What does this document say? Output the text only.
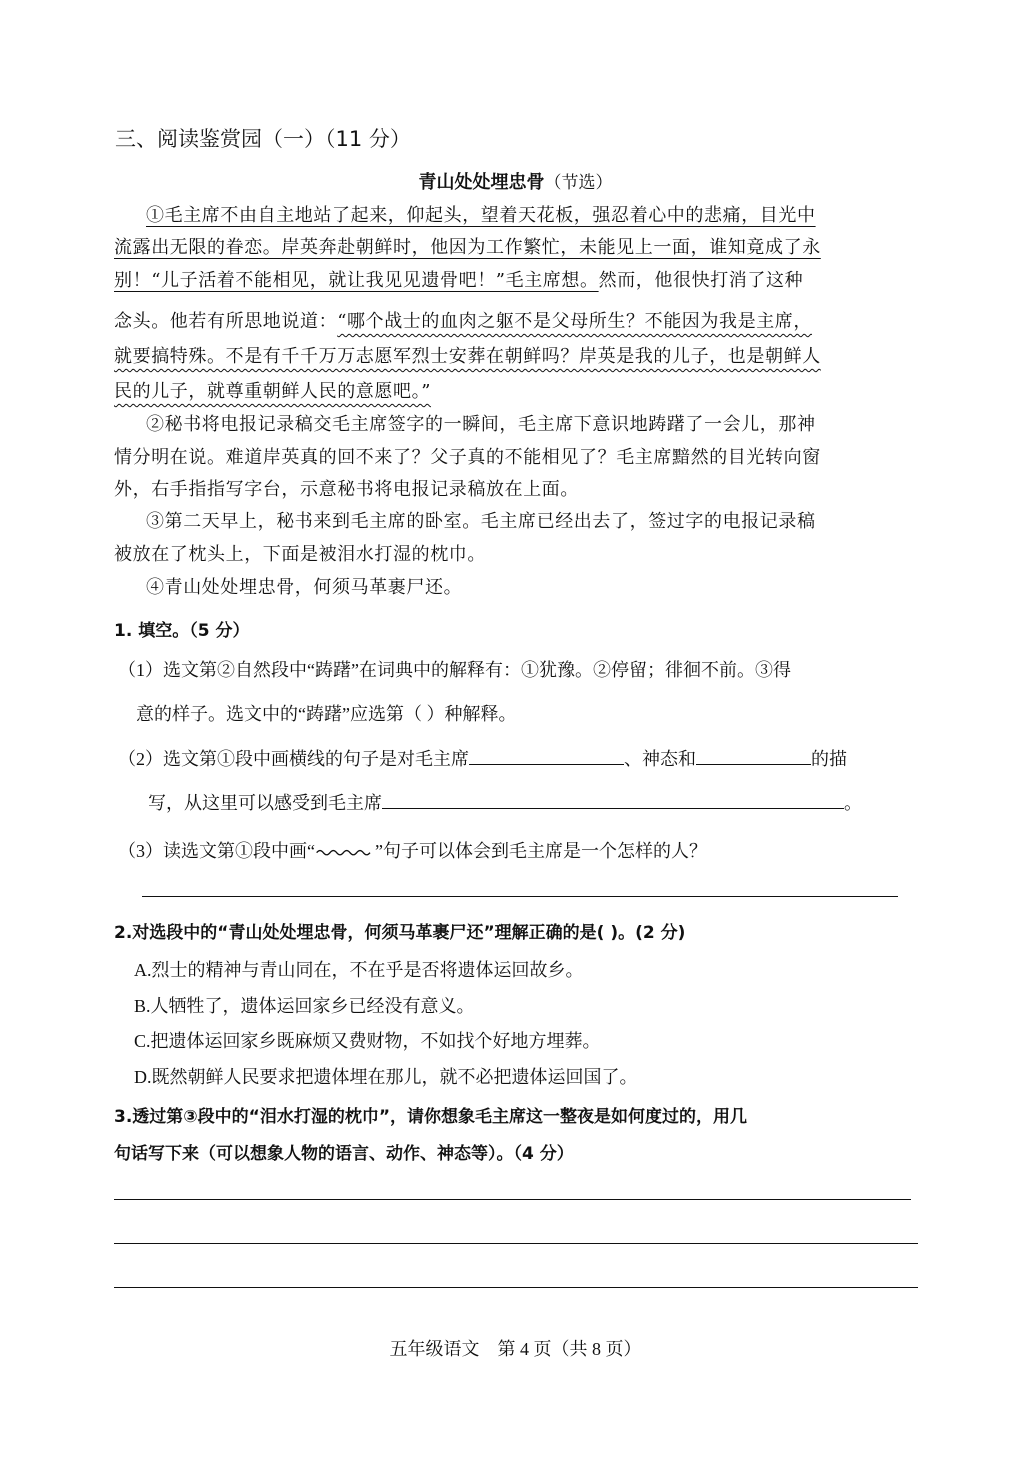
三、阅读鉴赏园（一）（11 分）
青山处处埋忠骨（节选）
①毛主席不由自主地站了起来，仰起头，望着天花板，强忍着心中的悲痛，目光中
流露出无限的眷恋。岸英奔赴朝鲜时，他因为工作繁忙，未能见上一面，谁知竟成了永
别！“儿子活着不能相见，就让我见见遗骨吧！”毛主席想。然而，他很快打消了这种
念头。他若有所思地说道：“哪个战士的血肉之躯不是父母所生？不能因为我是主席，
就要搞特殊。不是有千千万万志愿军烈士安葬在朝鲜吗？岸英是我的儿子，也是朝鲜人
民的儿子，就尊重朝鲜人民的意愿吧。”
②秘书将电报记录稿交毛主席签字的一瞬间，毛主席下意识地踌躇了一会儿，那神
情分明在说。难道岸英真的回不来了？父子真的不能相见了？毛主席黯然的目光转向窗
外，右手指指写字台，示意秘书将电报记录稿放在上面。
③第二天早上，秘书来到毛主席的卧室。毛主席已经出去了，签过字的电报记录稿
被放在了枕头上，下面是被泪水打湿的枕巾。
④青山处处埋忠骨，何须马革裹尸还。
1. 填空。（5 分）
（1）选文第②自然段中“踌躇”在词典中的解释有：①犹豫。②停留；徘徊不前。③得
意的样子。选文中的“踌躇”应选第（ ）种解释。
（2）选文第①段中画横线的句子是对毛主席	、神态和	的描
写，从这里可以感受到毛主席	。
（3）读选文第①段中画“	”句子可以体会到毛主席是一个怎样的人？
2.对选段中的“青山处处埋忠骨，何须马革裹尸还”理解正确的是( )。(2 分)
A.烈士的精神与青山同在，不在乎是否将遗体运回故乡。
B.人牺牲了，遗体运回家乡已经没有意义。
C.把遗体运回家乡既麻烦又费财物，不如找个好地方埋葬。
D.既然朝鲜人民要求把遗体埋在那儿，就不必把遗体运回国了。
3.透过第③段中的“泪水打湿的枕巾”，请你想象毛主席这一整夜是如何度过的，用几
句话写下来（可以想象人物的语言、动作、神态等）。（4 分）
五年级语文    第 4 页（共 8 页）
